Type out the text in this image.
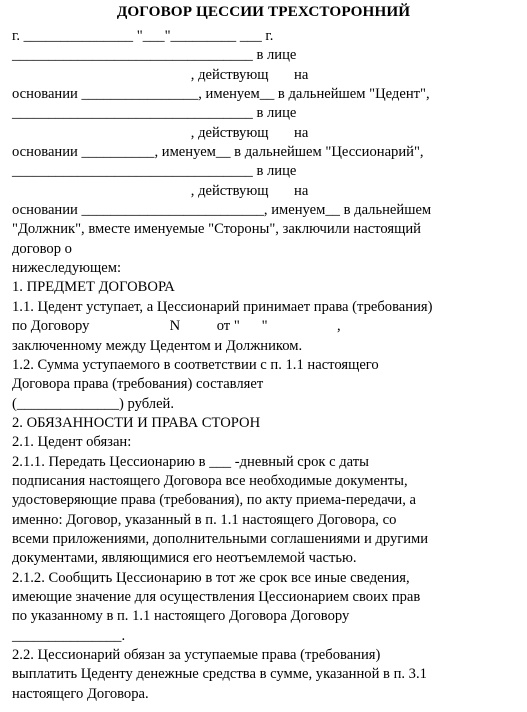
ДОГОВОР ЦЕССИИ ТРЕХСТОРОННИЙ
г. _______________ "___"_________ ___ г.
_________________________________ в лице
, действующ       на
основании ________________, именуем__ в дальнейшем "Цедент",
_________________________________ в лице
, действующ       на
основании __________, именуем__ в дальнейшем "Цессионарий",
_________________________________ в лице
, действующ       на
основании _________________________, именуем__ в дальнейшем
"Должник", вместе именуемые "Стороны", заключили настоящий
договор о
нижеследующем:
1. ПРЕДМЕТ ДОГОВОРА
1.1. Цедент уступает, а Цессионарий принимает права (требования)
по Договору                      N          от "      "                   ,
заключенному между Цедентом и Должником.
1.2. Сумма уступаемого в соответствии с п. 1.1 настоящего
Договора права (требования) составляет
(______________) рублей.
2. ОБЯЗАННОСТИ И ПРАВА СТОРОН
2.1. Цедент обязан:
2.1.1. Передать Цессионарию в ___ -дневный срок с даты
подписания настоящего Договора все необходимые документы,
удостоверяющие права (требования), по акту приема-передачи, а
именно: Договор, указанный в п. 1.1 настоящего Договора, со
всеми приложениями, дополнительными соглашениями и другими
документами, являющимися его неотъемлемой частью.
2.1.2. Сообщить Цессионарию в тот же срок все иные сведения,
имеющие значение для осуществления Цессионарием своих прав
по указанному в п. 1.1 настоящего Договора Договору
_______________.
2.2. Цессионарий обязан за уступаемые права (требования)
выплатить Цеденту денежные средства в сумме, указанной в п. 3.1
настоящего Договора.
